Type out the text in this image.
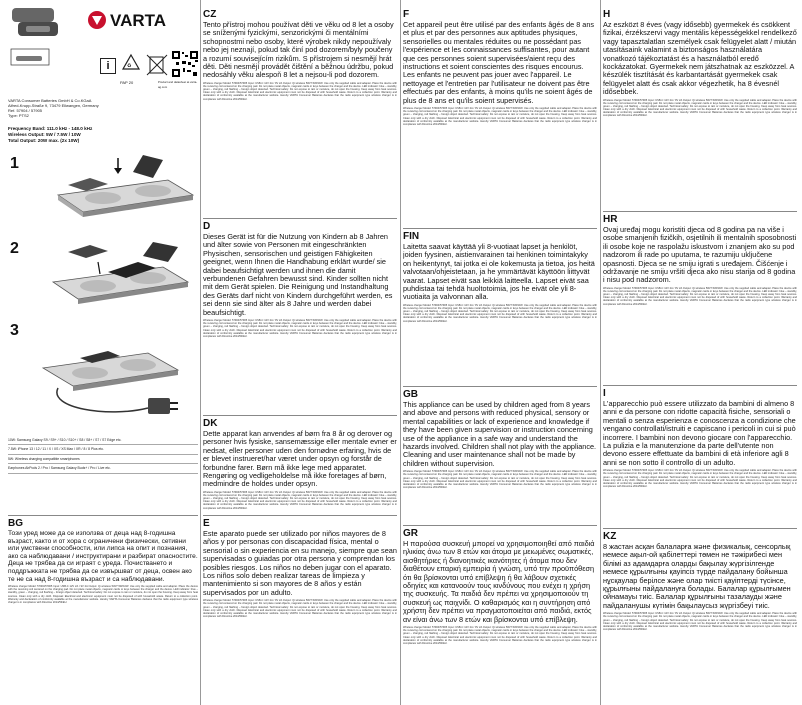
VARTA
i	♻
PAP 20	Product and datasheet at varta-ag.com
VARTA Consumer Batteries GmbH & Co.KGaA
Alfred-Krupp-Straße 9, 73479 Ellwangen, Germany
Ref. 57904 / 57905
Type: PTS2
Frequency Band: 111.0 kHz - 148.0 kHz
Wireless Output: 5W / 7.5W / 10W
Total Output: 20W max. (2x 10W)
1
2
3
10W: Samsung Galaxy S9 / S9+ / S10 / S10+ / S8 / S8+ / S7 / S7 Edge etc.
7.5W: iPhone 13 / 12 / 11 / X / XS / XS Max / XR / 8 / 8 Plus etc.
5W: Wireless charging compatible smartphones
Earphones AirPods 2 / Pro / Samsung Galaxy Buds+ / Pro / Live etc.
BG
Този уред може да се използва от деца над 8-годишна възраст, както и от хора с ограничени физически, сетивни или умствени способности, или липса на опит и познания, ако са наблюдавани / инструктирани и разбират опасностите. Деца не трябва да си играят с уреда. Почистването и поддръжката не трябва да се извършват от деца, освен ако те не са над 8-годишна възраст и са наблюдавани.
Wireless charger Model: 57904/57905 Input: USB-C 12V 2A / 9V 2A Output: Qi wireless 5W/7.5W/10W. Use only the supplied cable and adapter. Place the device with the receiving coil centered on the charging pad. Do not place metal objects, magnetic cards or keys between the charger and the device. LED indicator: blue – standby, green – charging, red flashing – foreign object detected. Technical safety: Do not expose to rain or moisture, do not open the housing. Keep away from heat sources. Clean only with a dry cloth. Disposal: Electrical and electronic equipment must not be disposed of with household waste. Return to a collection point. Warranty and declaration of conformity available at the manufacturer website. Hereby VARTA Consumer Batteries declares that the radio equipment type wireless charger is in compliance with Directive 2014/53/EU.
CZ
Tento přístroj mohou používat děti ve věku od 8 let a osoby se sníženými fyzickými, senzorickými či mentálními schopnostmi nebo osoby, které výrobek nikdy nepoužívaly nebo jej neznají, pokud tak činí pod dozorem/byly poučeny a rozumí souvisejícím rizikům. S přístrojem si nesmějí hrát děti. Děti nesmějí provádět čištění a běžnou údržbu, pokud nedosáhly věku alespoň 8 let a nejsou-li pod dozorem.
Wireless charger Model: 57904/57905 Input: USB-C 12V 2A / 9V 2A Output: Qi wireless 5W/7.5W/10W. Use only the supplied cable and adapter. Place the device with the receiving coil centered on the charging pad. Do not place metal objects, magnetic cards or keys between the charger and the device. LED indicator: blue – standby, green – charging, red flashing – foreign object detected. Technical safety: Do not expose to rain or moisture, do not open the housing. Keep away from heat sources. Clean only with a dry cloth. Disposal: Electrical and electronic equipment must not be disposed of with household waste. Return to a collection point. Warranty and declaration of conformity available at the manufacturer website. Hereby VARTA Consumer Batteries declares that the radio equipment type wireless charger is in compliance with Directive 2014/53/EU.
D
Dieses Gerät ist für die Nutzung von Kindern ab 8 Jahren und älter sowie von Personen mit eingeschränkten Physischen, sensorischen und geistigen Fähigkeiten geeignet, wenn Ihnen die Handhabung erklärt wurde/ sie dabei beaufsichtigt werden und ihnen die damit verbundenen Gefahren bewusst sind. Kinder sollten nicht mit dem Gerät spielen. Die Reinigung und Instandhaltung des Geräts darf nicht von Kindern durchgeführt werden, es sei denn sie sind älter als 8 Jahre und werden dabei beaufsichtigt.
Wireless charger Model: 57904/57905 Input: USB-C 12V 2A / 9V 2A Output: Qi wireless 5W/7.5W/10W. Use only the supplied cable and adapter. Place the device with the receiving coil centered on the charging pad. Do not place metal objects, magnetic cards or keys between the charger and the device. LED indicator: blue – standby, green – charging, red flashing – foreign object detected. Technical safety: Do not expose to rain or moisture, do not open the housing. Keep away from heat sources. Clean only with a dry cloth. Disposal: Electrical and electronic equipment must not be disposed of with household waste. Return to a collection point. Warranty and declaration of conformity available at the manufacturer website. Hereby VARTA Consumer Batteries declares that the radio equipment type wireless charger is in compliance with Directive 2014/53/EU.
DK
Dette apparat kan anvendes af børn fra 8 år og derover og personer hvis fysiske, sansemæssige eller mentale evner er nedsat, eller personer uden den fornødne erfaring, hvis de er blevet instrueret/har været under opsyn og forstår de forbundne farer. Børn må ikke lege med apparatet. Rengøring og vedligeholdelse må ikke foretages af børn, medmindre de holdes under opsyn.
Wireless charger Model: 57904/57905 Input: USB-C 12V 2A / 9V 2A Output: Qi wireless 5W/7.5W/10W. Use only the supplied cable and adapter. Place the device with the receiving coil centered on the charging pad. Do not place metal objects, magnetic cards or keys between the charger and the device. LED indicator: blue – standby, green – charging, red flashing – foreign object detected. Technical safety: Do not expose to rain or moisture, do not open the housing. Keep away from heat sources. Clean only with a dry cloth. Disposal: Electrical and electronic equipment must not be disposed of with household waste. Return to a collection point. Warranty and declaration of conformity available at the manufacturer website. Hereby VARTA Consumer Batteries declares that the radio equipment type wireless charger is in compliance with Directive 2014/53/EU.
E
Este aparato puede ser utilizado por niños mayores de 8 años y por personas con discapacidad física, mental o sensorial o sin experiencia en su manejo, siempre que sean supervisadas o guiadas por otra persona y comprendan los posibles riesgos. Los niños no deben jugar con el aparato. Los niños solo deben realizar tareas de limpieza y mantenimiento si son mayores de 8 años y están supervisados por un adulto.
Wireless charger Model: 57904/57905 Input: USB-C 12V 2A / 9V 2A Output: Qi wireless 5W/7.5W/10W. Use only the supplied cable and adapter. Place the device with the receiving coil centered on the charging pad. Do not place metal objects, magnetic cards or keys between the charger and the device. LED indicator: blue – standby, green – charging, red flashing – foreign object detected. Technical safety: Do not expose to rain or moisture, do not open the housing. Keep away from heat sources. Clean only with a dry cloth. Disposal: Electrical and electronic equipment must not be disposed of with household waste. Return to a collection point. Warranty and declaration of conformity available at the manufacturer website. Hereby VARTA Consumer Batteries declares that the radio equipment type wireless charger is in compliance with Directive 2014/53/EU.
F
Cet appareil peut être utilisé par des enfants âgés de 8 ans et plus et par des personnes aux aptitudes physiques, sensorielles ou mentales réduites ou ne possédant pas l'expérience et les connaissances suffisantes, pour autant que ces personnes soient supervisées/aient reçu des instructions et soient conscientes des risques encourus. Les enfants ne peuvent pas jouer avec l'appareil. Le nettoyage et l'entretien par l'utilisateur ne doivent pas être effectués par des enfants, à moins qu'ils ne soient âgés de plus de 8 ans et qu'ils soient supervisés.
Wireless charger Model: 57904/57905 Input: USB-C 12V 2A / 9V 2A Output: Qi wireless 5W/7.5W/10W. Use only the supplied cable and adapter. Place the device with the receiving coil centered on the charging pad. Do not place metal objects, magnetic cards or keys between the charger and the device. LED indicator: blue – standby, green – charging, red flashing – foreign object detected. Technical safety: Do not expose to rain or moisture, do not open the housing. Keep away from heat sources. Clean only with a dry cloth. Disposal: Electrical and electronic equipment must not be disposed of with household waste. Return to a collection point. Warranty and declaration of conformity available at the manufacturer website. Hereby VARTA Consumer Batteries declares that the radio equipment type wireless charger is in compliance with Directive 2014/53/EU.
FIN
Laitetta saavat käyttää yli 8-vuotiaat lapset ja henkilöt, joiden fyysinen, aistienvarainen tai henkinen toimintakyky on heikentynyt, tai jotka ei ole kokemusta ja tietoa, jos heitä valvotaan/ohjeistetaan, ja he ymmärtävät käyttöön liittyvät vaarat. Lapset eivät saa leikkiä laitteella. Lapset eivät saa puhdistaa tai tehdä huoltotoimia, jos he eivät ole yli 8-vuotiaita ja valvonnan alla.
Wireless charger Model: 57904/57905 Input: USB-C 12V 2A / 9V 2A Output: Qi wireless 5W/7.5W/10W. Use only the supplied cable and adapter. Place the device with the receiving coil centered on the charging pad. Do not place metal objects, magnetic cards or keys between the charger and the device. LED indicator: blue – standby, green – charging, red flashing – foreign object detected. Technical safety: Do not expose to rain or moisture, do not open the housing. Keep away from heat sources. Clean only with a dry cloth. Disposal: Electrical and electronic equipment must not be disposed of with household waste. Return to a collection point. Warranty and declaration of conformity available at the manufacturer website. Hereby VARTA Consumer Batteries declares that the radio equipment type wireless charger is in compliance with Directive 2014/53/EU.
GB
This appliance can be used by children aged from 8 years and above and persons with reduced physical, sensory or mental capabilities or lack of experience and knowledge if they have been given supervision or instruction concerning use of the appliance in a safe way and understand the hazards involved. Children shall not play with the appliance. Cleaning and user maintenance shall not be made by children without supervision.
Wireless charger Model: 57904/57905 Input: USB-C 12V 2A / 9V 2A Output: Qi wireless 5W/7.5W/10W. Use only the supplied cable and adapter. Place the device with the receiving coil centered on the charging pad. Do not place metal objects, magnetic cards or keys between the charger and the device. LED indicator: blue – standby, green – charging, red flashing – foreign object detected. Technical safety: Do not expose to rain or moisture, do not open the housing. Keep away from heat sources. Clean only with a dry cloth. Disposal: Electrical and electronic equipment must not be disposed of with household waste. Return to a collection point. Warranty and declaration of conformity available at the manufacturer website. Hereby VARTA Consumer Batteries declares that the radio equipment type wireless charger is in compliance with Directive 2014/53/EU.
GR
Η παρούσα συσκευή μπορεί να χρησιμοποιηθεί από παιδιά ηλικίας άνω των 8 ετών και άτομα με μειωμένες σωματικές, αισθητήριες ή διανοητικές ικανότητες ή άτομα που δεν διαθέτουν επαρκή εμπειρία ή γνώση, υπό την προϋπόθεση ότι θα βρίσκονται υπό επίβλεψη ή θα λάβουν σχετικές οδηγίες και κατανοούν τους κινδύνους που ενέχει η χρήση της συσκευής. Τα παιδιά δεν πρέπει να χρησιμοποιούν τη συσκευή ως παιχνίδι. Ο καθαρισμός και η συντήρηση από χρήστη δεν πρέπει να πραγματοποιείται από παιδιά, εκτός αν είναι άνω των 8 ετών και βρίσκονται υπό επίβλεψη.
Wireless charger Model: 57904/57905 Input: USB-C 12V 2A / 9V 2A Output: Qi wireless 5W/7.5W/10W. Use only the supplied cable and adapter. Place the device with the receiving coil centered on the charging pad. Do not place metal objects, magnetic cards or keys between the charger and the device. LED indicator: blue – standby, green – charging, red flashing – foreign object detected. Technical safety: Do not expose to rain or moisture, do not open the housing. Keep away from heat sources. Clean only with a dry cloth. Disposal: Electrical and electronic equipment must not be disposed of with household waste. Return to a collection point. Warranty and declaration of conformity available at the manufacturer website. Hereby VARTA Consumer Batteries declares that the radio equipment type wireless charger is in compliance with Directive 2014/53/EU.
H
Az eszközt 8 éves (vagy idősebb) gyermekek és csökkent fizikai, érzékszervi vagy mentális képességekkel rendelkező vagy tapasztalatlan személyek csak felügyelet alatt / miután utasításaink valamint a biztonságos használatára vonatkozó tájékoztatást és a használatból eredő kockázatokat. Gyermekek nem játszhatnak az eszközzel. A készülék tisztítását és karbantartását gyermekek csak felügyelet alatt és csak akkor végezhetik, ha 8 évesnél idősebbek.
Wireless charger Model: 57904/57905 Input: USB-C 12V 2A / 9V 2A Output: Qi wireless 5W/7.5W/10W. Use only the supplied cable and adapter. Place the device with the receiving coil centered on the charging pad. Do not place metal objects, magnetic cards or keys between the charger and the device. LED indicator: blue – standby, green – charging, red flashing – foreign object detected. Technical safety: Do not expose to rain or moisture, do not open the housing. Keep away from heat sources. Clean only with a dry cloth. Disposal: Electrical and electronic equipment must not be disposed of with household waste. Return to a collection point. Warranty and declaration of conformity available at the manufacturer website. Hereby VARTA Consumer Batteries declares that the radio equipment type wireless charger is in compliance with Directive 2014/53/EU.
HR
Ovaj uređaj mogu koristiti djeca od 8 godina pa na više i osobe smanjenih fizičkih, osjetilnih ili mentalnih sposobnosti ili osobe koje ne raspolažu iskustvom i znanjem ako su pod nadzorom ili rade po uputama, te razumiju uključene opasnosti. Djeca se ne smiju igrati s uređajem. Čišćenje i održavanje ne smiju vršiti djeca ako nisu starija od 8 godina i nisu pod nadzorom.
Wireless charger Model: 57904/57905 Input: USB-C 12V 2A / 9V 2A Output: Qi wireless 5W/7.5W/10W. Use only the supplied cable and adapter. Place the device with the receiving coil centered on the charging pad. Do not place metal objects, magnetic cards or keys between the charger and the device. LED indicator: blue – standby, green – charging, red flashing – foreign object detected. Technical safety: Do not expose to rain or moisture, do not open the housing. Keep away from heat sources. Clean only with a dry cloth. Disposal: Electrical and electronic equipment must not be disposed of with household waste. Return to a collection point. Warranty and declaration of conformity available at the manufacturer website. Hereby VARTA Consumer Batteries declares that the radio equipment type wireless charger is in compliance with Directive 2014/53/EU.
I
L'apparecchio può essere utilizzato da bambini di almeno 8 anni e da persone con ridotte capacità fisiche, sensoriali o mentali o senza esperienza e conoscenza a condizione che vengano controllati/istruiti e capiscano i pericoli in cui si può incorrere. I bambini non devono giocare con l'apparecchio. La pulizia e la manutenzione da parte dell'utente non devono essere effettuate da bambini di età inferiore agli 8 anni se non sotto il controllo di un adulto.
Wireless charger Model: 57904/57905 Input: USB-C 12V 2A / 9V 2A Output: Qi wireless 5W/7.5W/10W. Use only the supplied cable and adapter. Place the device with the receiving coil centered on the charging pad. Do not place metal objects, magnetic cards or keys between the charger and the device. LED indicator: blue – standby, green – charging, red flashing – foreign object detected. Technical safety: Do not expose to rain or moisture, do not open the housing. Keep away from heat sources. Clean only with a dry cloth. Disposal: Electrical and electronic equipment must not be disposed of with household waste. Return to a collection point. Warranty and declaration of conformity available at the manufacturer website. Hereby VARTA Consumer Batteries declares that the radio equipment type wireless charger is in compliance with Directive 2014/53/EU.
KZ
8 жастан асқан балаларға және физикалық, сенсорлық немесе ақыл-ой қабілеттері төмен не тәжірибесі мен білімі аз адамдарға оларды бақылау жүргізілгенде немесе құрылғыны қауіпсіз түрде пайдалану бойынша нұсқаулар берілсе және олар тиісті қауіптерді түсінсе, құрылғыны пайдалануға болады. Балалар құрылғымен ойнамауы тиіс. Балалар құрылғыны тазалауды және пайдаланушы күтімін бақылаусыз жүргізбеуі тиіс.
Wireless charger Model: 57904/57905 Input: USB-C 12V 2A / 9V 2A Output: Qi wireless 5W/7.5W/10W. Use only the supplied cable and adapter. Place the device with the receiving coil centered on the charging pad. Do not place metal objects, magnetic cards or keys between the charger and the device. LED indicator: blue – standby, green – charging, red flashing – foreign object detected. Technical safety: Do not expose to rain or moisture, do not open the housing. Keep away from heat sources. Clean only with a dry cloth. Disposal: Electrical and electronic equipment must not be disposed of with household waste. Return to a collection point. Warranty and declaration of conformity available at the manufacturer website. Hereby VARTA Consumer Batteries declares that the radio equipment type wireless charger is in compliance with Directive 2014/53/EU.
